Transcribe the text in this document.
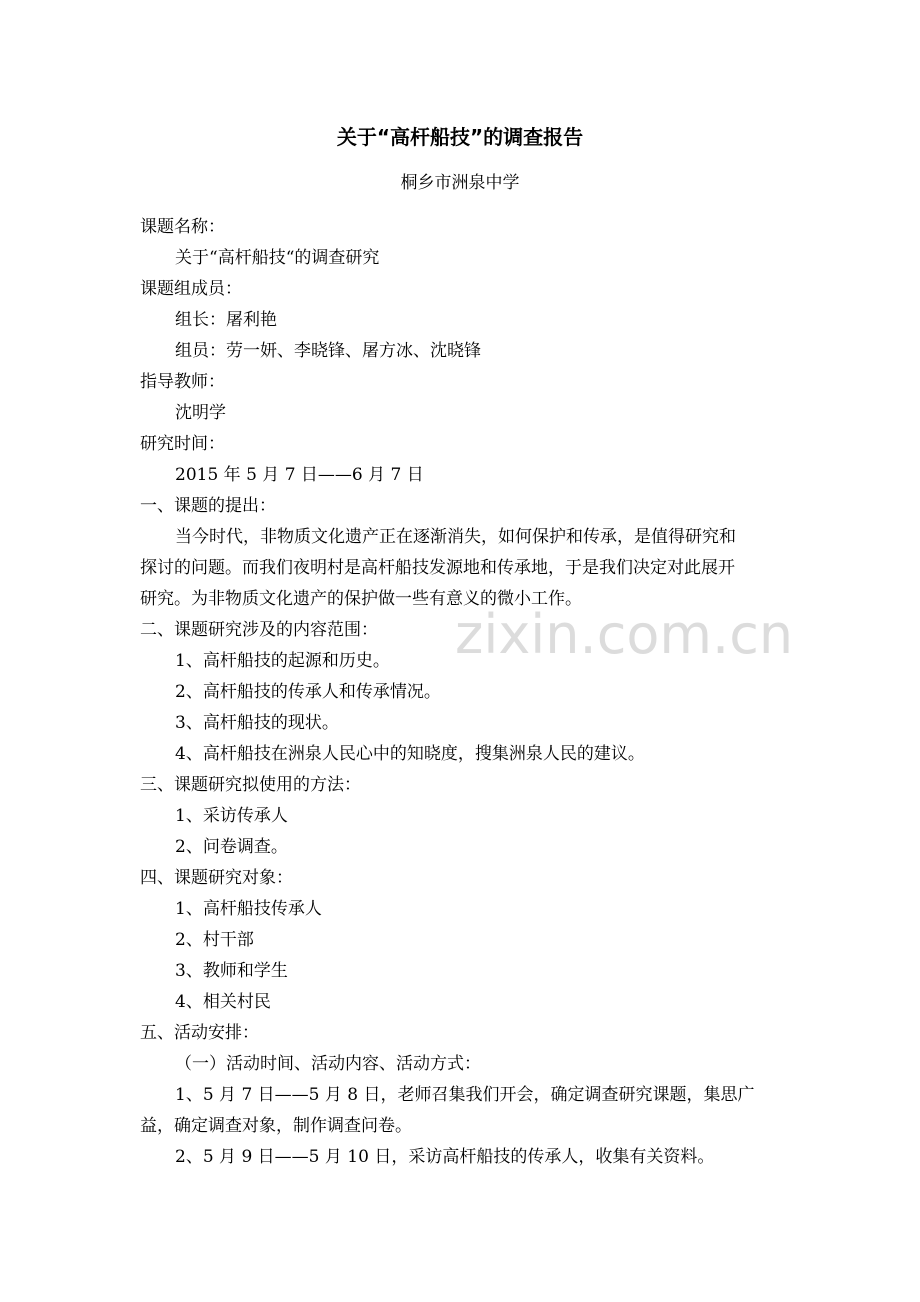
zixin.com.cn
关于“高杆船技”的调查报告
桐乡市洲泉中学
课题名称：
关于“高杆船技“的调查研究
课题组成员：
组长：屠利艳
组员：劳一妍、李晓锋、屠方冰、沈晓锋
指导教师：
沈明学
研究时间：
2015 年 5 月 7 日——6 月 7 日
一、课题的提出：
当今时代，非物质文化遗产正在逐渐消失，如何保护和传承，是值得研究和
探讨的问题。而我们夜明村是高杆船技发源地和传承地，于是我们决定对此展开
研究。为非物质文化遗产的保护做一些有意义的微小工作。
二、课题研究涉及的内容范围：
1、高杆船技的起源和历史。
2、高杆船技的传承人和传承情况。
3、高杆船技的现状。
4、高杆船技在洲泉人民心中的知晓度，搜集洲泉人民的建议。
三、课题研究拟使用的方法：
1、采访传承人
2、问卷调查。
四、课题研究对象：
1、高杆船技传承人
2、村干部
3、教师和学生
4、相关村民
五、活动安排：
（一）活动时间、活动内容、活动方式：
1、5 月 7 日——5 月 8 日，老师召集我们开会，确定调查研究课题，集思广
益，确定调查对象，制作调查问卷。
2、5 月 9 日——5 月 10 日，采访高杆船技的传承人，收集有关资料。
